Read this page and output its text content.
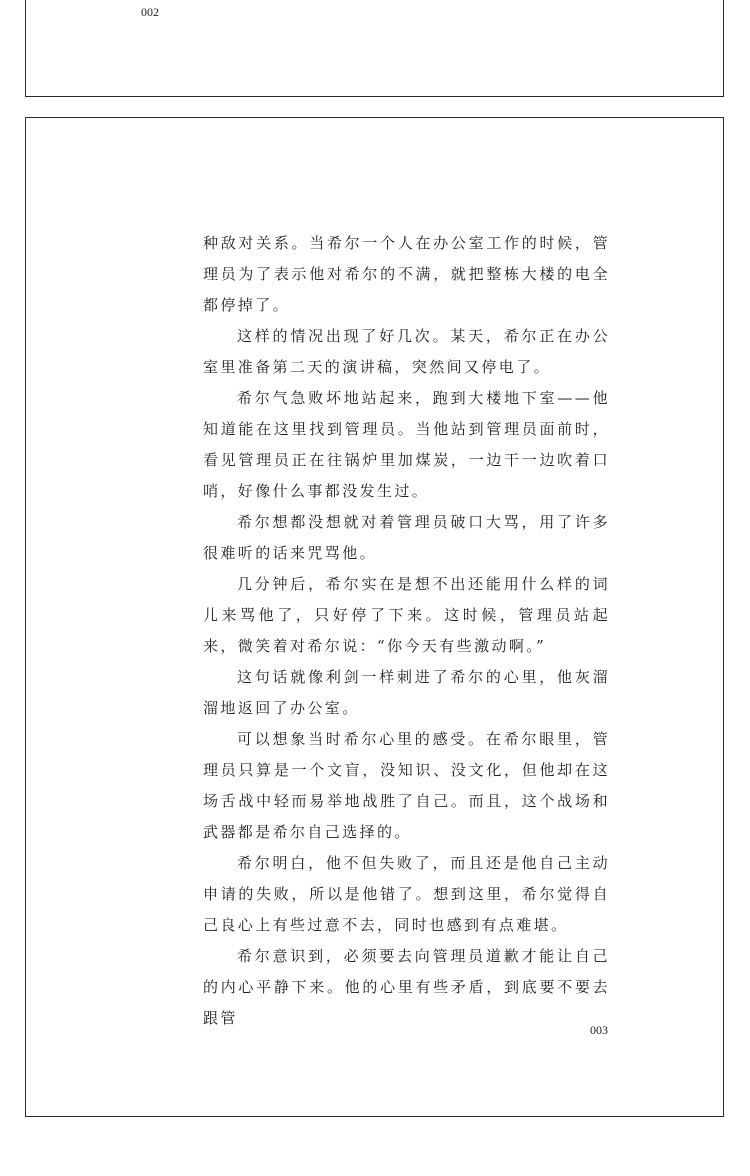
002

种敌对关系。当希尔一个人在办公室工作的时候，管理员为了表示他对希尔的不满，就把整栋大楼的电全都停掉了。

这样的情况出现了好几次。某天，希尔正在办公室里准备第二天的演讲稿，突然间又停电了。

希尔气急败坏地站起来，跑到大楼地下室——他知道能在这里找到管理员。当他站到管理员面前时，看见管理员正在往锅炉里加煤炭，一边干一边吹着口哨，好像什么事都没发生过。

希尔想都没想就对着管理员破口大骂，用了许多很难听的话来咒骂他。

几分钟后，希尔实在是想不出还能用什么样的词儿来骂他了，只好停了下来。这时候，管理员站起来，微笑着对希尔说：“你今天有些激动啊。”

这句话就像利剑一样刺进了希尔的心里，他灰溜溜地返回了办公室。

可以想象当时希尔心里的感受。在希尔眼里，管理员只算是一个文盲，没知识、没文化，但他却在这场舌战中轻而易举地战胜了自己。而且，这个战场和武器都是希尔自己选择的。

希尔明白，他不但失败了，而且还是他自己主动申请的失败，所以是他错了。想到这里，希尔觉得自己良心上有些过意不去，同时也感到有点难堪。

希尔意识到，必须要去向管理员道歉才能让自己的内心平静下来。他的心里有些矛盾，到底要不要去跟管

003
